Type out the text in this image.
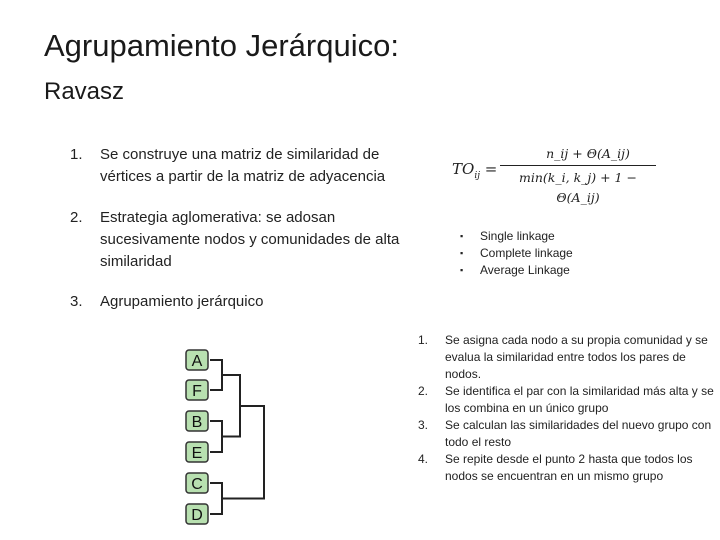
Agrupamiento Jerárquico:
Ravasz
1. Se construye una matriz de similaridad de vértices a partir de la matriz de adyacencia
2. Estrategia aglomerativa: se adosan sucesivamente nodos y comunidades de alta similaridad
3. Agrupamiento jerárquico
$TO_{ij}$ =
n_ij + Θ(A_ij)
min(k_i, k_j) + 1 − Θ(A_ij)
▪ Single linkage
▪ Complete linkage
▪ Average Linkage
1. Se asigna cada nodo a su propia comunidad y se evalua la similaridad entre todos los pares de nodos.
2. Se identifica el par con la similaridad más alta y se los combina en un único grupo
3. Se calculan las similaridades del nuevo grupo con todo el resto
4. Se repite desde el punto 2 hasta que todos los nodos se encuentran en un mismo grupo
A
F
B
E
C
D
